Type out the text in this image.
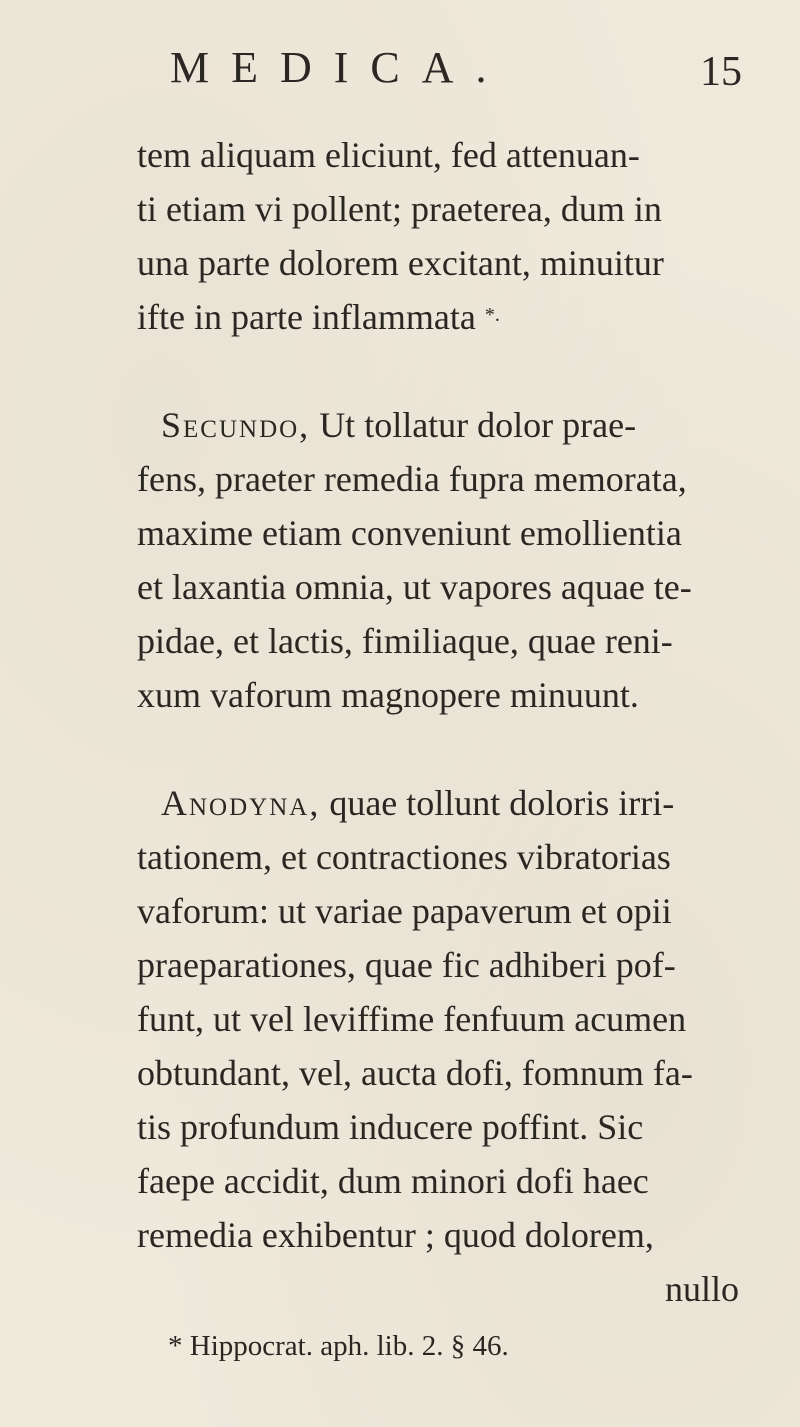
MEDICA.	15

tem aliquam eliciunt, fed attenuan-
ti etiam vi pollent; praeterea, dum in
una parte dolorem excitant, minuitur
ifte in parte inflammata *.

Secundo, Ut tollatur dolor prae-
fens, praeter remedia fupra memorata,
maxime etiam conveniunt emollientia
et laxantia omnia, ut vapores aquae te-
pidae, et lactis, fimiliaque, quae reni-
xum vaforum magnopere minuunt.

Anodyna, quae tollunt doloris irri-
tationem, et contractiones vibratorias
vaforum: ut variae papaverum et opii
praeparationes, quae fic adhiberi pof-
funt, ut vel leviffime fenfuum acumen
obtundant, vel, aucta dofi, fomnum fa-
tis profundum inducere poffint. Sic
faepe accidit, dum minori dofi haec
remedia exhibentur ; quod dolorem,
nullo

* Hippocrat. aph. lib. 2. § 46.
